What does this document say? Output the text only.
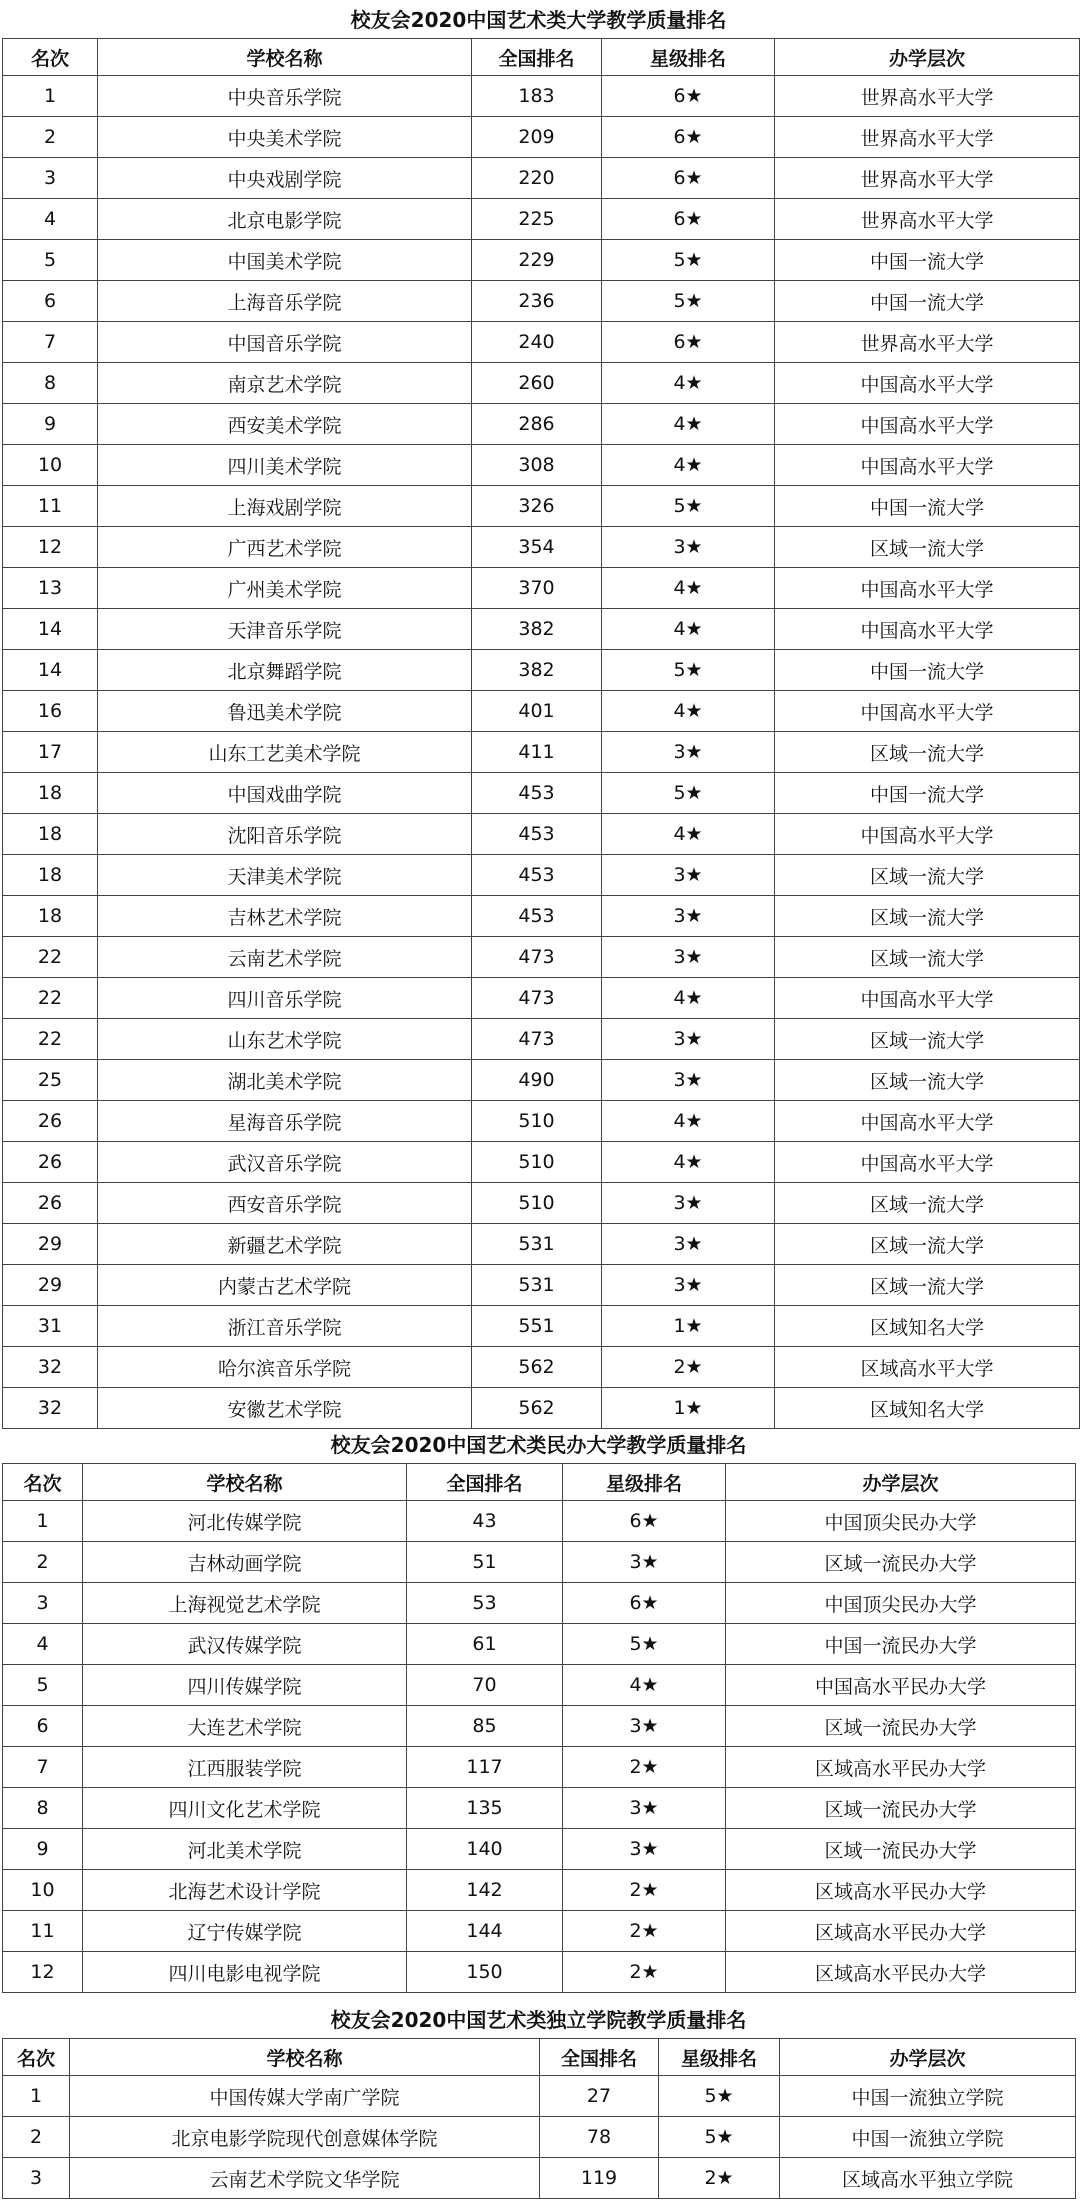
校友会2020中国艺术类大学教学质量排名
名次	学校名称	全国排名	星级排名	办学层次
1	中央音乐学院	183	6★	世界高水平大学
2	中央美术学院	209	6★	世界高水平大学
3	中央戏剧学院	220	6★	世界高水平大学
4	北京电影学院	225	6★	世界高水平大学
5	中国美术学院	229	5★	中国一流大学
6	上海音乐学院	236	5★	中国一流大学
7	中国音乐学院	240	6★	世界高水平大学
8	南京艺术学院	260	4★	中国高水平大学
9	西安美术学院	286	4★	中国高水平大学
10	四川美术学院	308	4★	中国高水平大学
11	上海戏剧学院	326	5★	中国一流大学
12	广西艺术学院	354	3★	区域一流大学
13	广州美术学院	370	4★	中国高水平大学
14	天津音乐学院	382	4★	中国高水平大学
14	北京舞蹈学院	382	5★	中国一流大学
16	鲁迅美术学院	401	4★	中国高水平大学
17	山东工艺美术学院	411	3★	区域一流大学
18	中国戏曲学院	453	5★	中国一流大学
18	沈阳音乐学院	453	4★	中国高水平大学
18	天津美术学院	453	3★	区域一流大学
18	吉林艺术学院	453	3★	区域一流大学
22	云南艺术学院	473	3★	区域一流大学
22	四川音乐学院	473	4★	中国高水平大学
22	山东艺术学院	473	3★	区域一流大学
25	湖北美术学院	490	3★	区域一流大学
26	星海音乐学院	510	4★	中国高水平大学
26	武汉音乐学院	510	4★	中国高水平大学
26	西安音乐学院	510	3★	区域一流大学
29	新疆艺术学院	531	3★	区域一流大学
29	内蒙古艺术学院	531	3★	区域一流大学
31	浙江音乐学院	551	1★	区域知名大学
32	哈尔滨音乐学院	562	2★	区域高水平大学
32	安徽艺术学院	562	1★	区域知名大学
校友会2020中国艺术类民办大学教学质量排名
名次	学校名称	全国排名	星级排名	办学层次
1	河北传媒学院	43	6★	中国顶尖民办大学
2	吉林动画学院	51	3★	区域一流民办大学
3	上海视觉艺术学院	53	6★	中国顶尖民办大学
4	武汉传媒学院	61	5★	中国一流民办大学
5	四川传媒学院	70	4★	中国高水平民办大学
6	大连艺术学院	85	3★	区域一流民办大学
7	江西服装学院	117	2★	区域高水平民办大学
8	四川文化艺术学院	135	3★	区域一流民办大学
9	河北美术学院	140	3★	区域一流民办大学
10	北海艺术设计学院	142	2★	区域高水平民办大学
11	辽宁传媒学院	144	2★	区域高水平民办大学
12	四川电影电视学院	150	2★	区域高水平民办大学
校友会2020中国艺术类独立学院教学质量排名
名次	学校名称	全国排名	星级排名	办学层次
1	中国传媒大学南广学院	27	5★	中国一流独立学院
2	北京电影学院现代创意媒体学院	78	5★	中国一流独立学院
3	云南艺术学院文华学院	119	2★	区域高水平独立学院
